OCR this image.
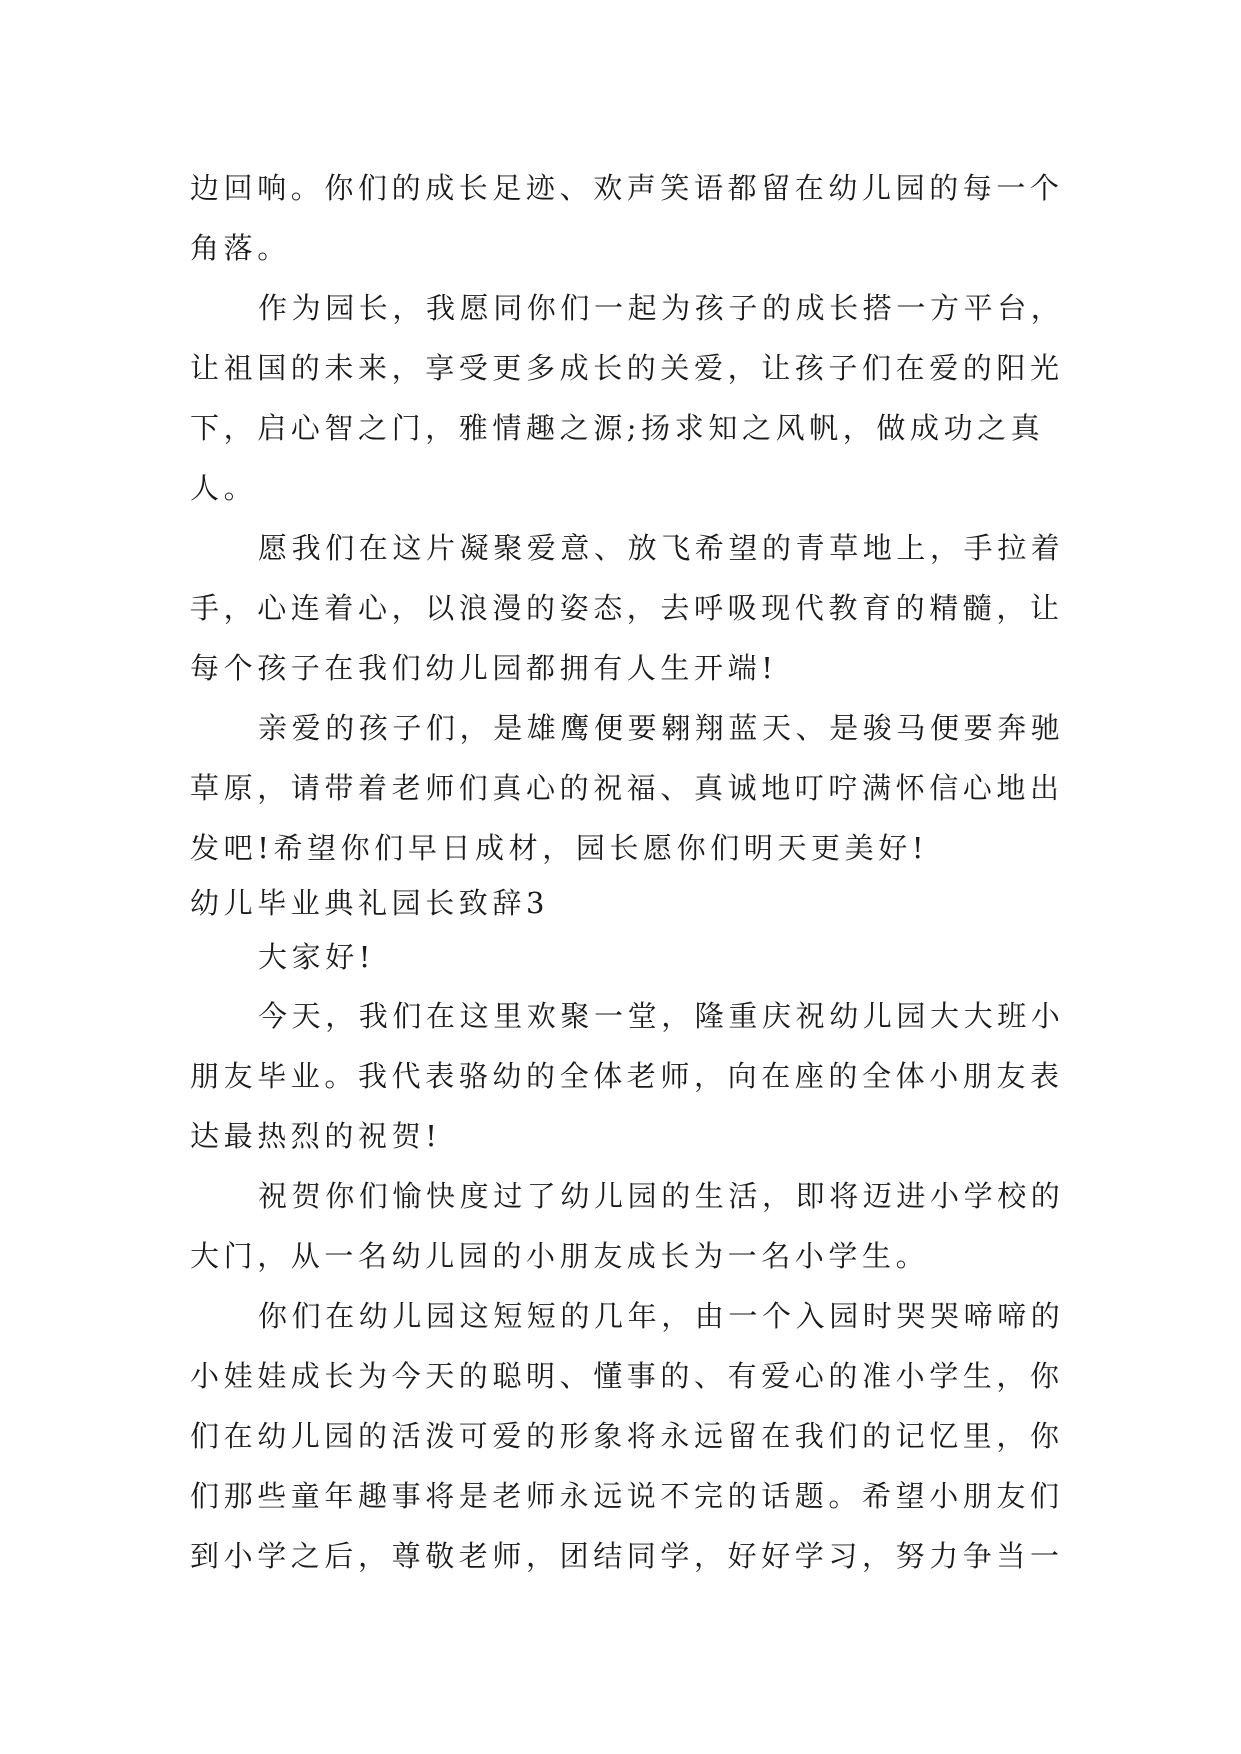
边回响。你们的成长足迹、欢声笑语都留在幼儿园的每一个
角落。
作为园长，我愿同你们一起为孩子的成长搭一方平台，
让祖国的未来，享受更多成长的关爱，让孩子们在爱的阳光
下，启心智之门，雅情趣之源;扬求知之风帆，做成功之真
人。
愿我们在这片凝聚爱意、放飞希望的青草地上，手拉着
手，心连着心，以浪漫的姿态，去呼吸现代教育的精髓，让
每个孩子在我们幼儿园都拥有人生开端!
亲爱的孩子们，是雄鹰便要翱翔蓝天、是骏马便要奔驰
草原，请带着老师们真心的祝福、真诚地叮咛满怀信心地出
发吧!希望你们早日成材，园长愿你们明天更美好!
幼儿毕业典礼园长致辞3
大家好!
今天，我们在这里欢聚一堂，隆重庆祝幼儿园大大班小
朋友毕业。我代表骆幼的全体老师，向在座的全体小朋友表
达最热烈的祝贺!
祝贺你们愉快度过了幼儿园的生活，即将迈进小学校的
大门，从一名幼儿园的小朋友成长为一名小学生。
你们在幼儿园这短短的几年，由一个入园时哭哭啼啼的
小娃娃成长为今天的聪明、懂事的、有爱心的准小学生，你
们在幼儿园的活泼可爱的形象将永远留在我们的记忆里，你
们那些童年趣事将是老师永远说不完的话题。希望小朋友们
到小学之后，尊敬老师，团结同学，好好学习，努力争当一
